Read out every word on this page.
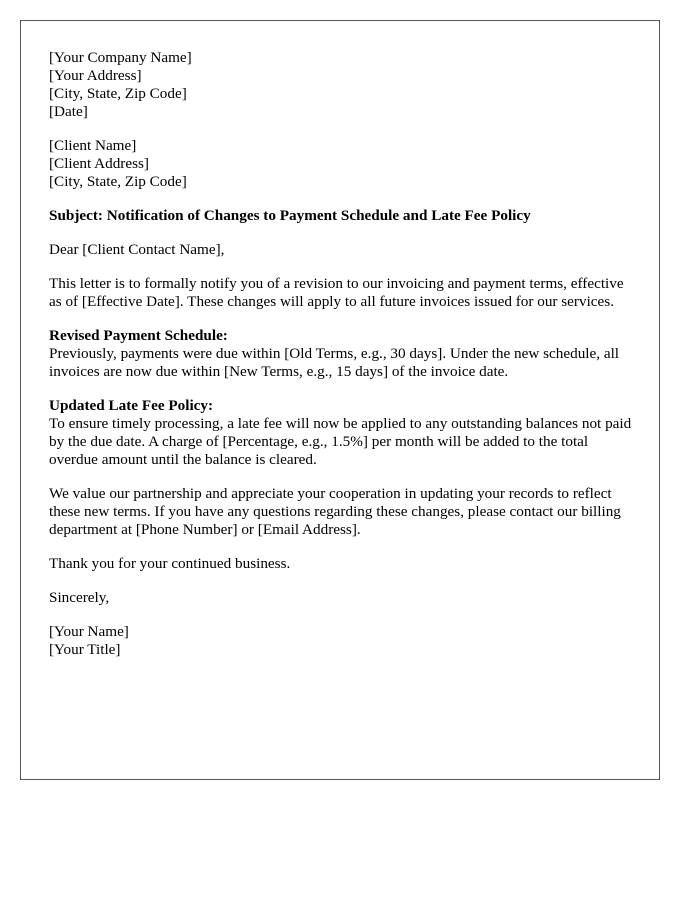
[Your Company Name]
[Your Address]
[City, State, Zip Code]
[Date]
[Client Name]
[Client Address]
[City, State, Zip Code]

Subject: Notification of Changes to Payment Schedule and Late Fee Policy

Dear [Client Contact Name],

This letter is to formally notify you of a revision to our invoicing and payment terms, effective as of [Effective Date]. These changes will apply to all future invoices issued for our services.

Revised Payment Schedule:
Previously, payments were due within [Old Terms, e.g., 30 days]. Under the new schedule, all invoices are now due within [New Terms, e.g., 15 days] of the invoice date.
Updated Late Fee Policy:
To ensure timely processing, a late fee will now be applied to any outstanding balances not paid by the due date. A charge of [Percentage, e.g., 1.5%] per month will be added to the total overdue amount until the balance is cleared.

We value our partnership and appreciate your cooperation in updating your records to reflect these new terms. If you have any questions regarding these changes, please contact our billing department at [Phone Number] or [Email Address].

Thank you for your continued business.

Sincerely,

[Your Name]
[Your Title]
